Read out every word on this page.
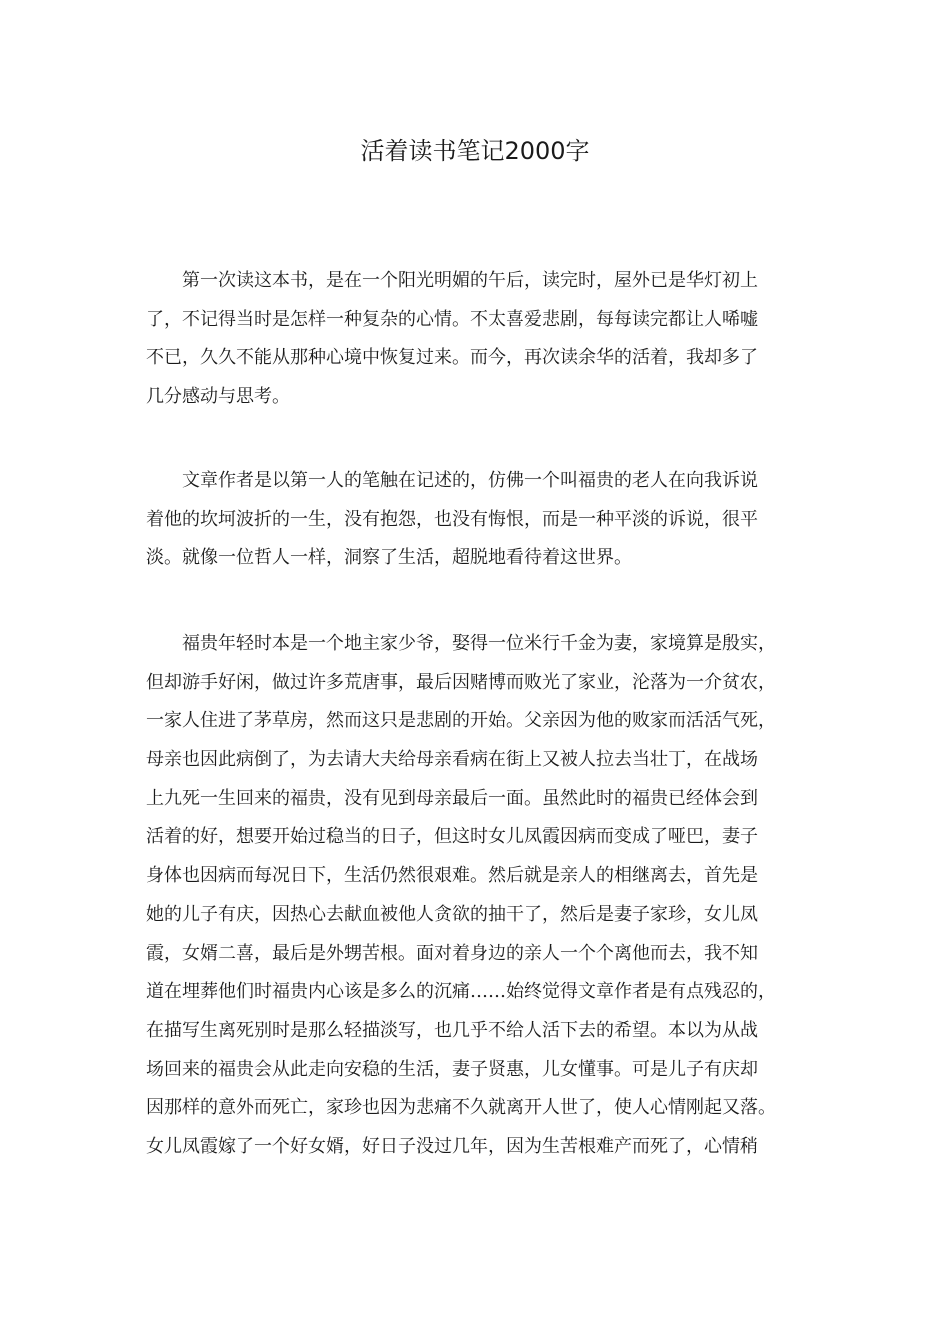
活着读书笔记2000字
第一次读这本书，是在一个阳光明媚的午后，读完时，屋外已是华灯初上
了，不记得当时是怎样一种复杂的心情。不太喜爱悲剧，每每读完都让人唏嘘
不已，久久不能从那种心境中恢复过来。而今，再次读余华的活着，我却多了
几分感动与思考。
文章作者是以第一人的笔触在记述的，仿佛一个叫福贵的老人在向我诉说
着他的坎坷波折的一生，没有抱怨，也没有悔恨，而是一种平淡的诉说，很平
淡。就像一位哲人一样，洞察了生活，超脱地看待着这世界。
福贵年轻时本是一个地主家少爷，娶得一位米行千金为妻，家境算是殷实，
但却游手好闲，做过许多荒唐事，最后因赌博而败光了家业，沦落为一介贫农，
一家人住进了茅草房，然而这只是悲剧的开始。父亲因为他的败家而活活气死，
母亲也因此病倒了，为去请大夫给母亲看病在街上又被人拉去当壮丁，在战场
上九死一生回来的福贵，没有见到母亲最后一面。虽然此时的福贵已经体会到
活着的好，想要开始过稳当的日子，但这时女儿凤霞因病而变成了哑巴，妻子
身体也因病而每况日下，生活仍然很艰难。然后就是亲人的相继离去，首先是
她的儿子有庆，因热心去献血被他人贪欲的抽干了，然后是妻子家珍，女儿凤
霞，女婿二喜，最后是外甥苦根。面对着身边的亲人一个个离他而去，我不知
道在埋葬他们时福贵内心该是多么的沉痛……始终觉得文章作者是有点残忍的，
在描写生离死别时是那么轻描淡写，也几乎不给人活下去的希望。本以为从战
场回来的福贵会从此走向安稳的生活，妻子贤惠，儿女懂事。可是儿子有庆却
因那样的意外而死亡，家珍也因为悲痛不久就离开人世了，使人心情刚起又落。
女儿凤霞嫁了一个好女婿，好日子没过几年，因为生苦根难产而死了，心情稍
